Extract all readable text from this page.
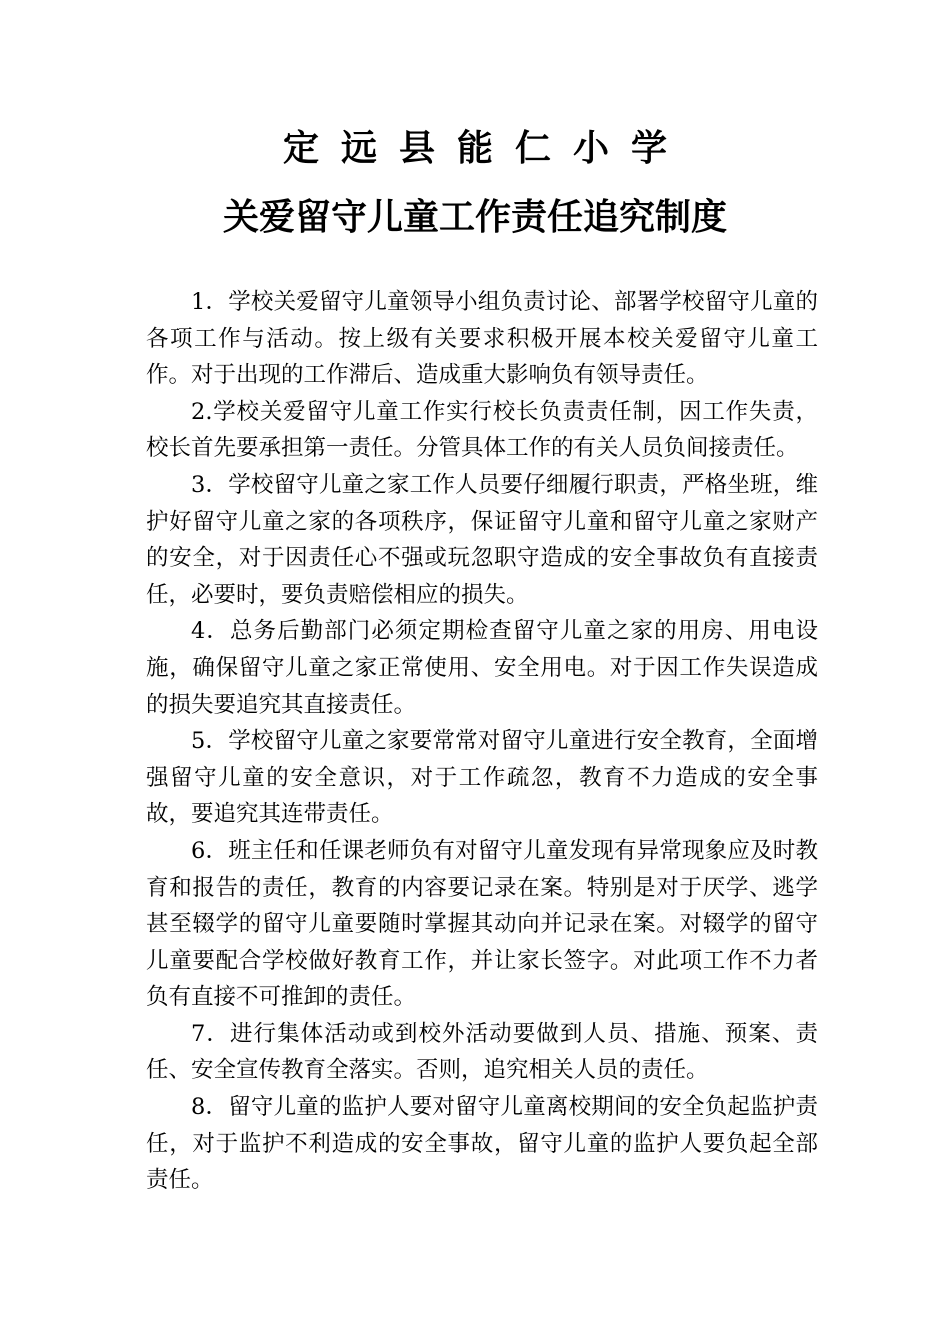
定远县能仁小学
关爱留守儿童工作责任追究制度

1．学校关爱留守儿童领导小组负责讨论、部署学校留守儿童的各项工作与活动。按上级有关要求积极开展本校关爱留守儿童工作。对于出现的工作滞后、造成重大影响负有领导责任。

2.学校关爱留守儿童工作实行校长负责责任制，因工作失责，校长首先要承担第一责任。分管具体工作的有关人员负间接责任。

3．学校留守儿童之家工作人员要仔细履行职责，严格坐班，维护好留守儿童之家的各项秩序，保证留守儿童和留守儿童之家财产的安全，对于因责任心不强或玩忽职守造成的安全事故负有直接责任，必要时，要负责赔偿相应的损失。

4．总务后勤部门必须定期检查留守儿童之家的用房、用电设施，确保留守儿童之家正常使用、安全用电。对于因工作失误造成的损失要追究其直接责任。

5．学校留守儿童之家要常常对留守儿童进行安全教育，全面增强留守儿童的安全意识，对于工作疏忽，教育不力造成的安全事故，要追究其连带责任。

6．班主任和任课老师负有对留守儿童发现有异常现象应及时教育和报告的责任，教育的内容要记录在案。特别是对于厌学、逃学甚至辍学的留守儿童要随时掌握其动向并记录在案。对辍学的留守儿童要配合学校做好教育工作，并让家长签字。对此项工作不力者负有直接不可推卸的责任。

7．进行集体活动或到校外活动要做到人员、措施、预案、责任、安全宣传教育全落实。否则，追究相关人员的责任。

8．留守儿童的监护人要对留守儿童离校期间的安全负起监护责任，对于监护不利造成的安全事故，留守儿童的监护人要负起全部责任。
